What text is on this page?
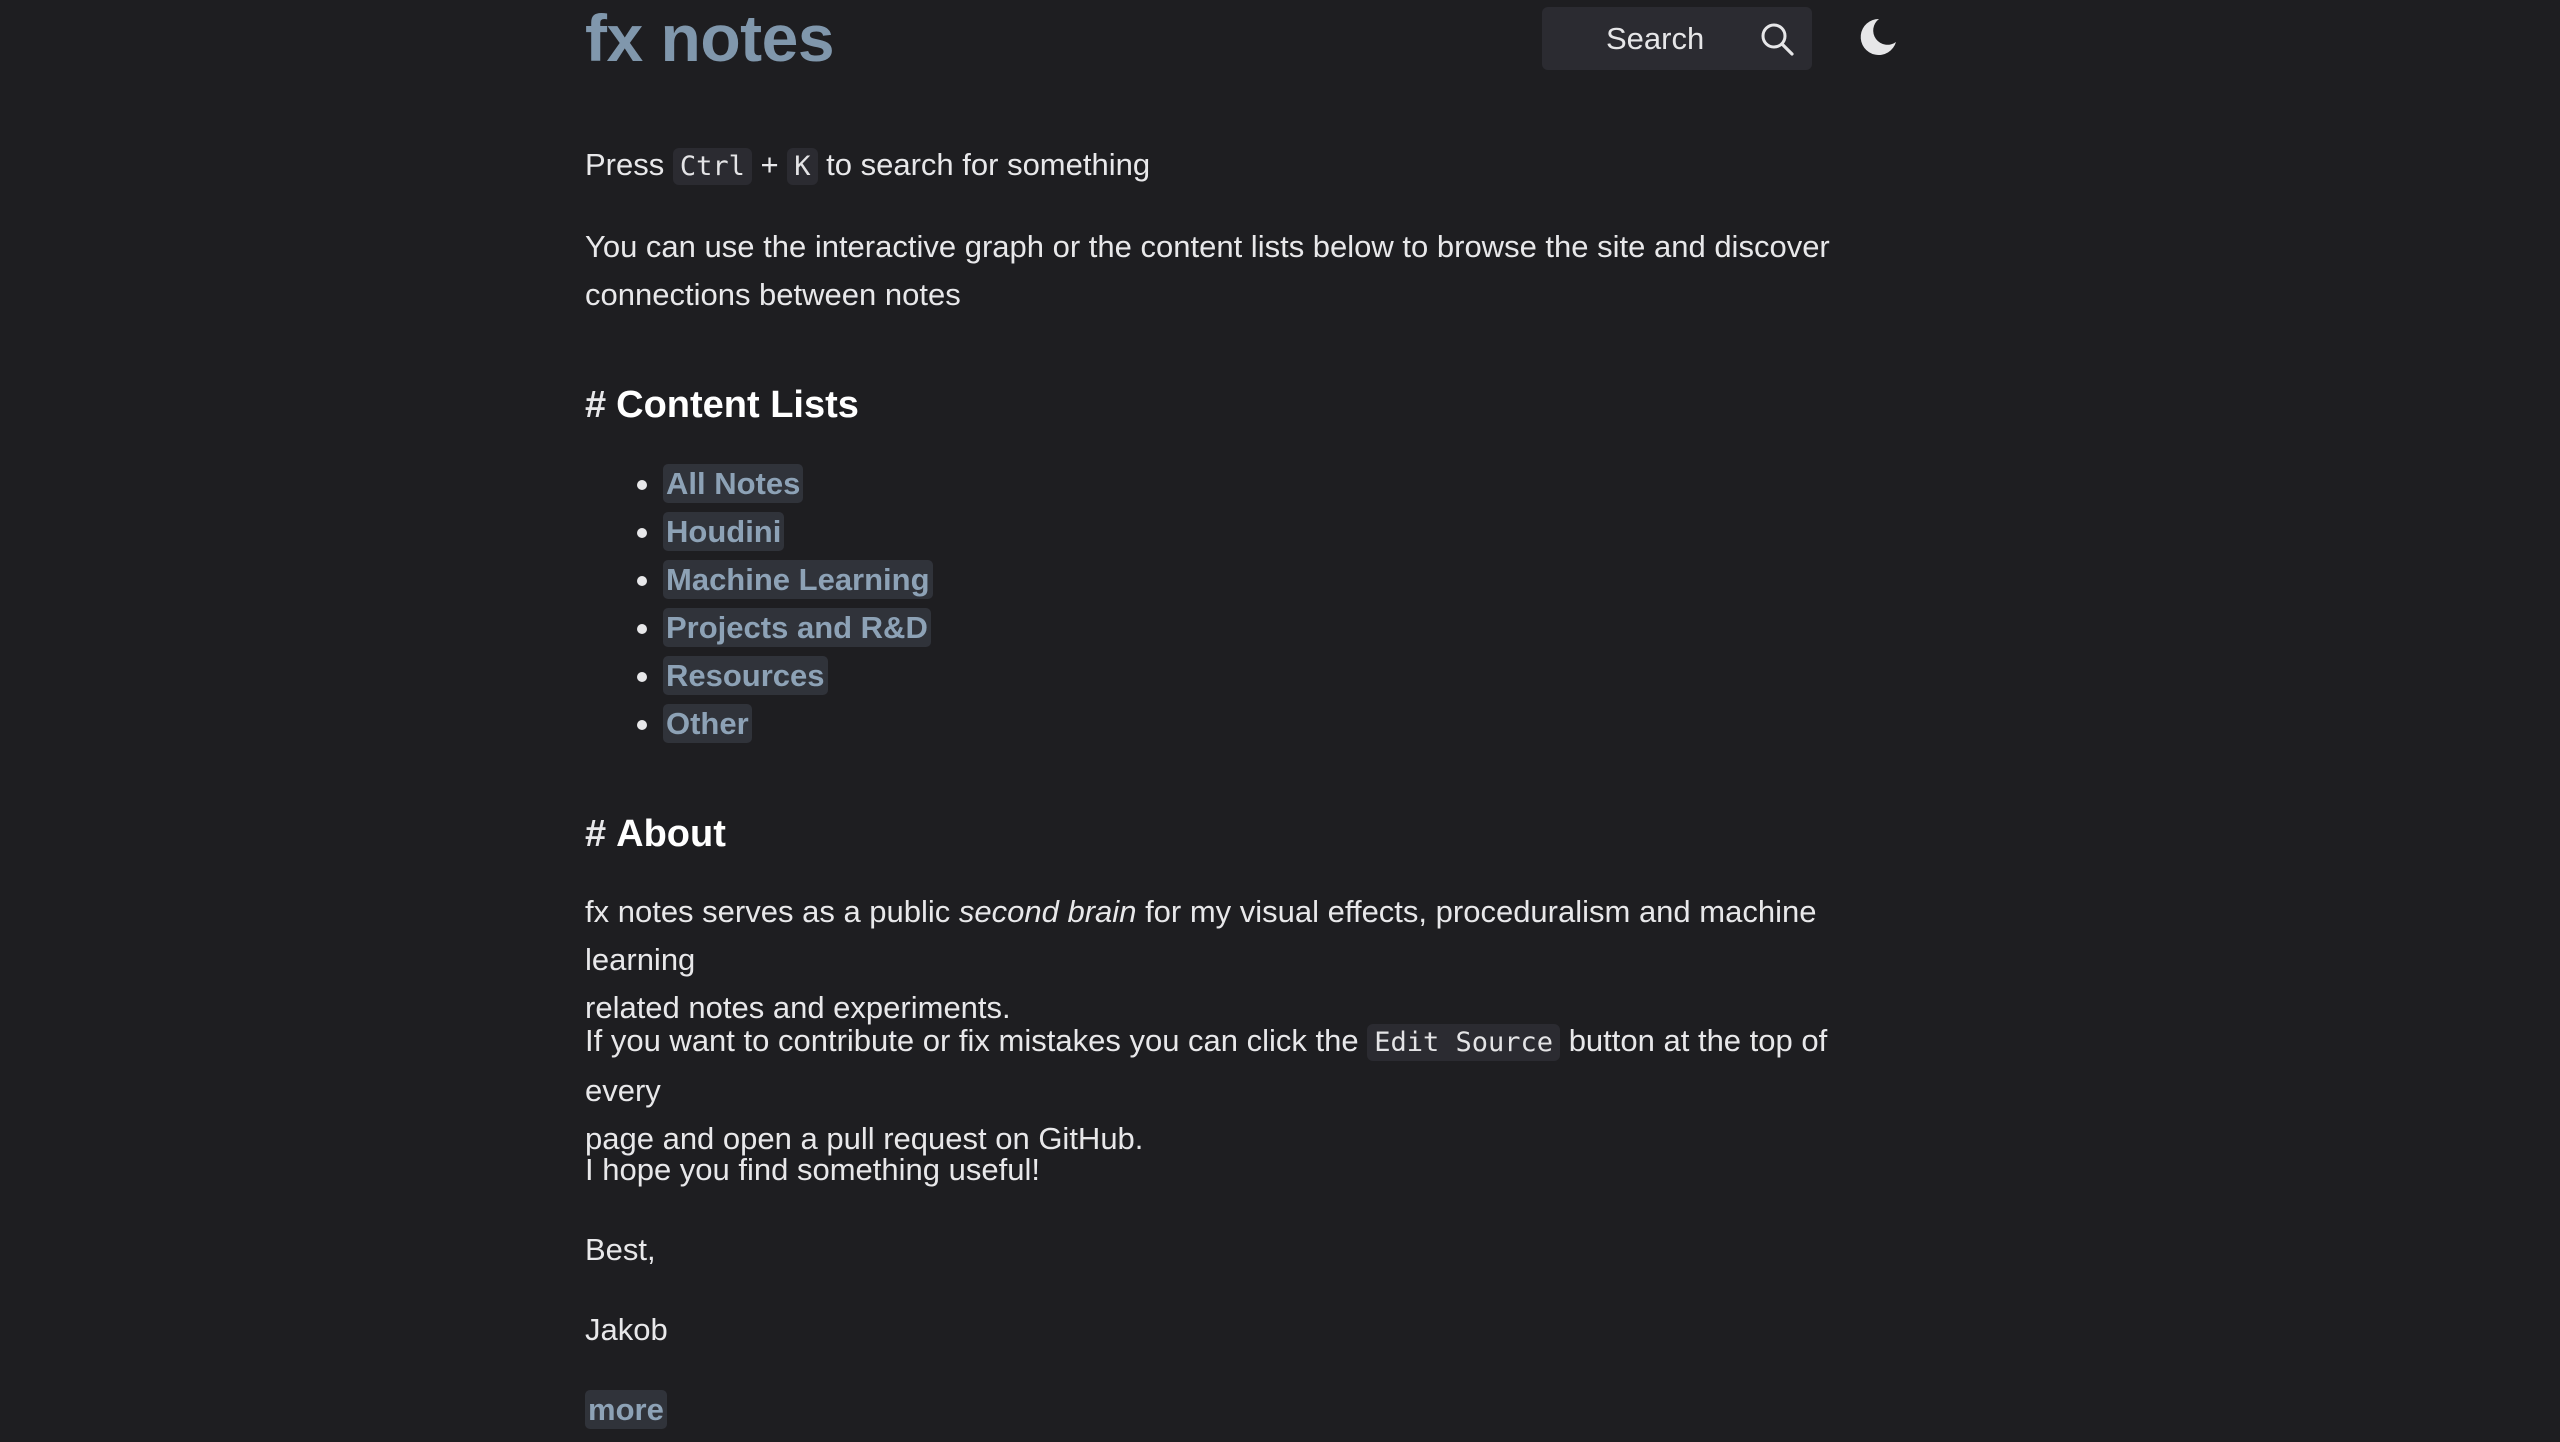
fx notes	Search

Press Ctrl + K to search for something

You can use the interactive graph or the content lists below to browse the site and discover
connections between notes

# Content Lists
All Notes
Houdini
Machine Learning
Projects and R&D
Resources
Other
# About

fx notes serves as a public second brain for my visual effects, proceduralism and machine learning
related notes and experiments.

If you want to contribute or fix mistakes you can click the Edit Source button at the top of every
page and open a pull request on GitHub.

I hope you find something useful!

Best,

Jakob

more
